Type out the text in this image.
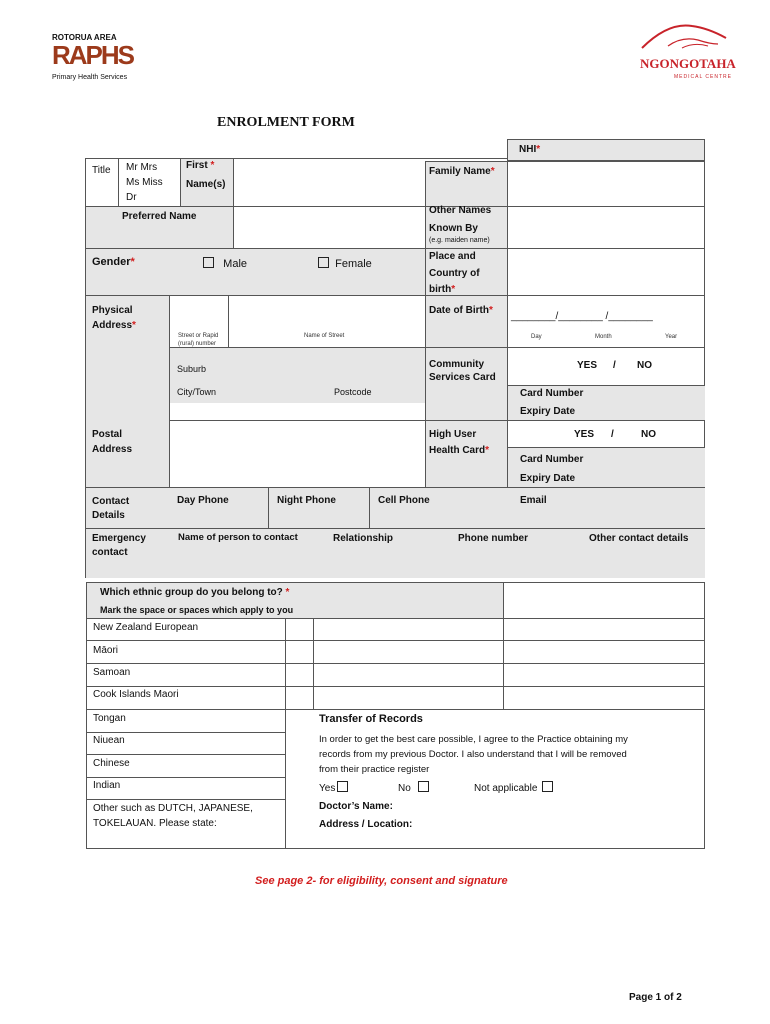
ROTORUA AREA
RAPHS
Primary Health Services
NGONGOTAHA
MEDICAL CENTRE
ENROLMENT FORM
NHI*
Title Mr Mrs
Ms Miss
Dr
First *
Name(s)
Family Name*
Preferred Name
Other Names
Known By
(e.g. maiden name)
Gender*	Male	Female
Place and
Country of
birth*
Physical
Address*
Street or Rapid
(rural) number
Name of Street
Suburb
City/Town	Postcode
Date of Birth*
________/________ /________
Day	Month	Year
Community
Services Card
YES / NO
Card Number
Expiry Date
Postal
Address
High User
Health Card*
YES /	NO
Card Number
Expiry Date
Contact
Details
Day Phone	Night Phone	Cell Phone	Email
Emergency
contact
Name of person to contact	Relationship	Phone number	Other contact details
Which ethnic group do you belong to? *
Mark the space or spaces which apply to you
New Zealand European
Māori
Samoan
Cook Islands Maori
Tongan
Niuean
Chinese
Indian
Other such as DUTCH, JAPANESE,
TOKELAUAN. Please state:
Transfer of Records
In order to get the best care possible, I agree to the Practice obtaining my
records from my previous Doctor. I also understand that I will be removed
from their practice register
Yes	No	Not applicable
Doctor’s Name:
Address / Location:
See page 2- for eligibility, consent and signature
Page 1 of 2
